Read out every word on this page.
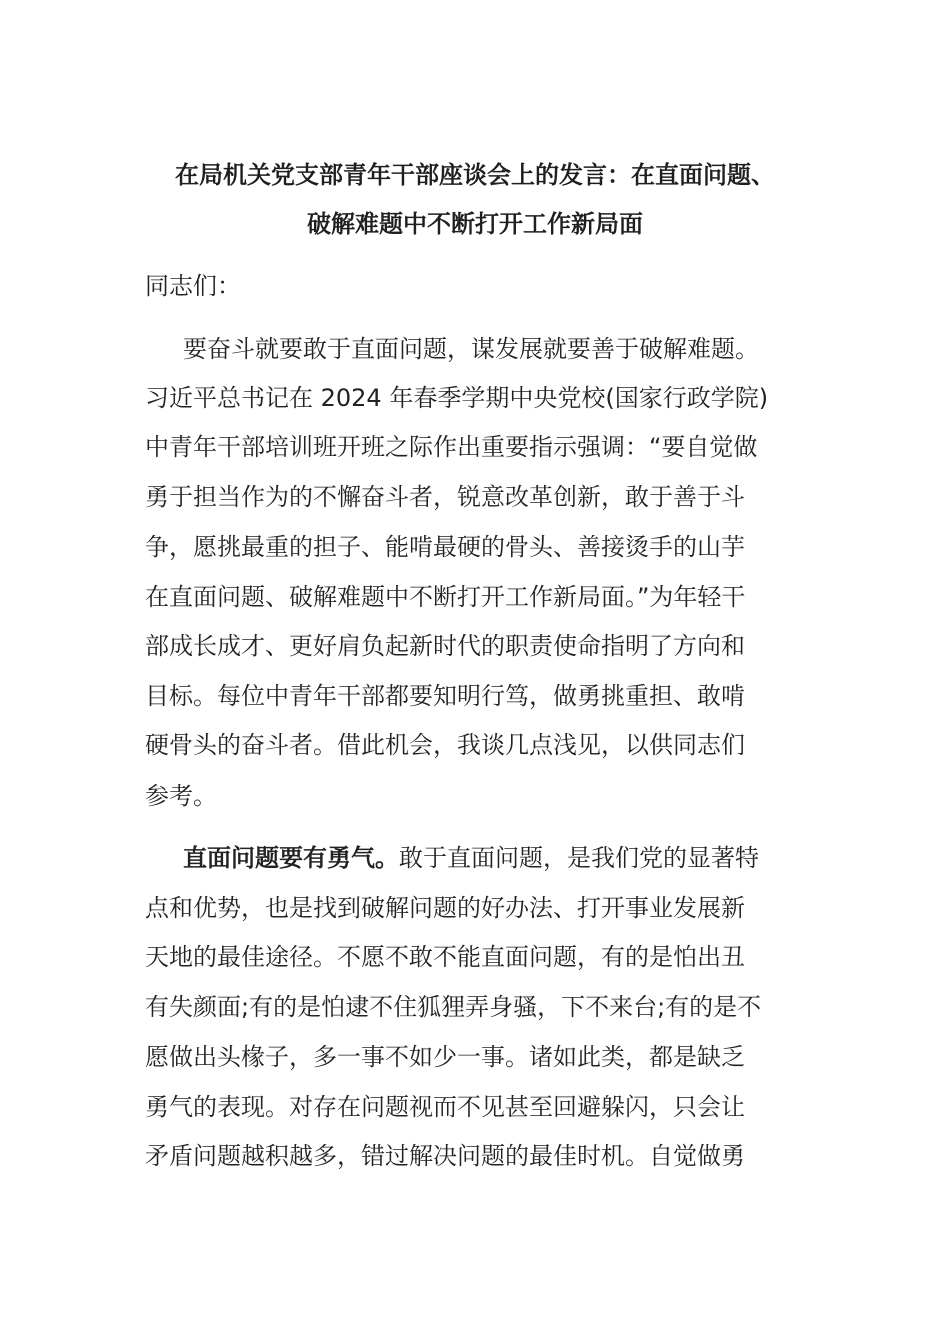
在局机关党支部青年干部座谈会上的发言：在直面问题、
破解难题中不断打开工作新局面
同志们：
要奋斗就要敢于直面问题，谋发展就要善于破解难题。
习近平总书记在 2024 年春季学期中央党校(国家行政学院)
中青年干部培训班开班之际作出重要指示强调：“要自觉做
勇于担当作为的不懈奋斗者，锐意改革创新，敢于善于斗
争，愿挑最重的担子、能啃最硬的骨头、善接烫手的山芋
在直面问题、破解难题中不断打开工作新局面。”为年轻干
部成长成才、更好肩负起新时代的职责使命指明了方向和
目标。每位中青年干部都要知明行笃，做勇挑重担、敢啃
硬骨头的奋斗者。借此机会，我谈几点浅见，以供同志们
参考。
直面问题要有勇气。敢于直面问题，是我们党的显著特
点和优势，也是找到破解问题的好办法、打开事业发展新
天地的最佳途径。不愿不敢不能直面问题，有的是怕出丑
有失颜面;有的是怕逮不住狐狸弄身骚，下不来台;有的是不
愿做出头椽子，多一事不如少一事。诸如此类，都是缺乏
勇气的表现。对存在问题视而不见甚至回避躲闪，只会让
矛盾问题越积越多，错过解决问题的最佳时机。自觉做勇
